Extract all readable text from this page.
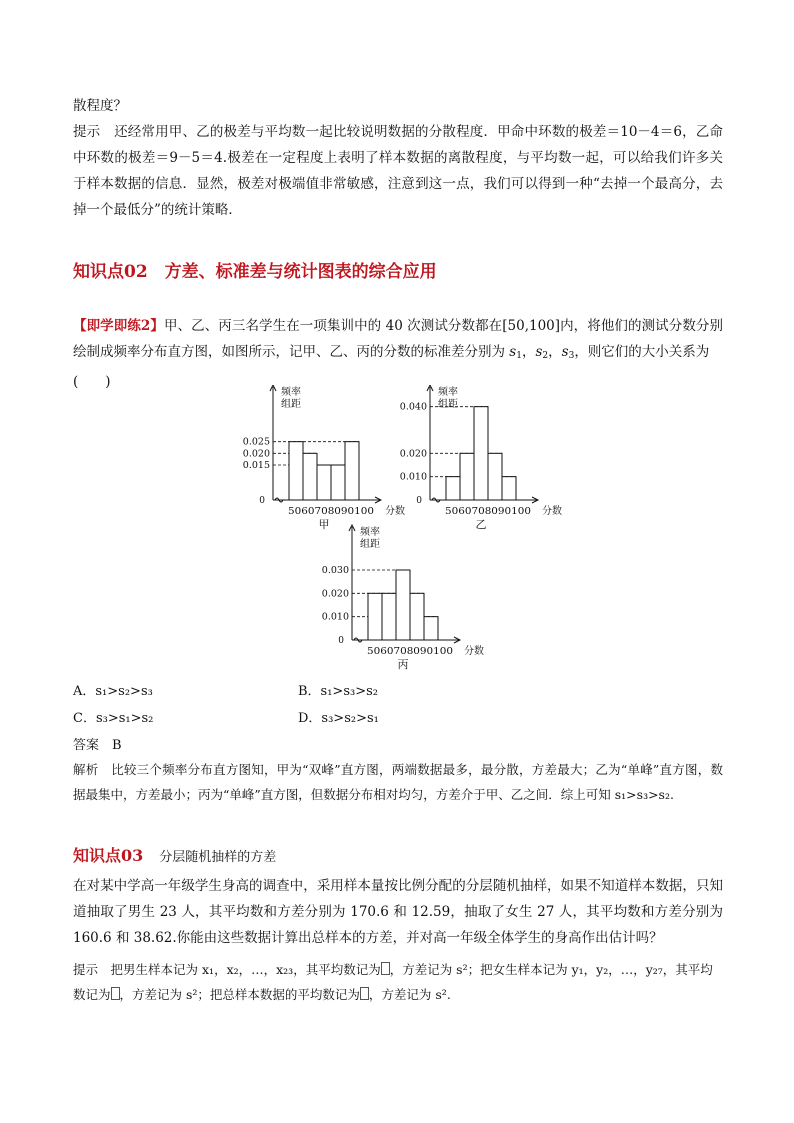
散程度？

提示　 还经常用甲、乙的极差与平均数一起比较说明数据的分散程度．甲命中环数的极差＝10－4＝6，乙命中环数的极差＝9－5＝4.极差在一定程度上表明了样本数据的离散程度，与平均数一起，可以给我们许多关于样本数据的信息．显然，极差对极端值非常敏感，注意到这一点，我们可以得到一种“去掉一个最高分，去掉一个最低分”的统计策略．

知识点02　方差、标准差与统计图表的综合应用

【即学即练2】甲、乙、丙三名学生在一项集训中的 40 次测试分数都在[50,100]内，将他们的测试分数分别绘制成频率分布直方图，如图所示，记甲、乙、丙的分数的标准差分别为 $s_1$，$s_2$，$s_3$，则它们的大小关系为
(　　)

频率
组距
0
0.025
0.020
0.015
5060708090100 分数
甲
频率
组距
0
0.040
0.020
0.010
5060708090100 分数
乙
频率
组距
0
0.030
0.020
0.010
5060708090100 分数
丙
A．s₁>s₂>s₃	B．s₁>s₃>s₂
C．s₃>s₁>s₂	D．s₃>s₂>s₁
答案　 B

解析　 比较三个频率分布直方图知，甲为“双峰”直方图，两端数据最多，最分散，方差最大；乙为“单峰”直方图，数据最集中，方差最小；丙为“单峰”直方图，但数据分布相对均匀，方差介于甲、乙之间．综上可知 s₁>s₃>s₂.

知识点03　 分层随机抽样的方差

在对某中学高一年级学生身高的调查中，采用样本量按比例分配的分层随机抽样，如果不知道样本数据，只知道抽取了男生 23 人，其平均数和方差分别为 170.6 和 12.59，抽取了女生 27 人，其平均数和方差分别为 160.6 和 38.62.你能由这些数据计算出总样本的方差，并对高一年级全体学生的身高作出估计吗？

提示　 把男生样本记为 x₁，x₂，…，x₂₃，其平均数记为 ，方差记为 s²；把女生样本记为 y₁，y₂，…，y₂₇，其平均数记为 ，方差记为 s²；把总样本数据的平均数记为 ，方差记为 s².
